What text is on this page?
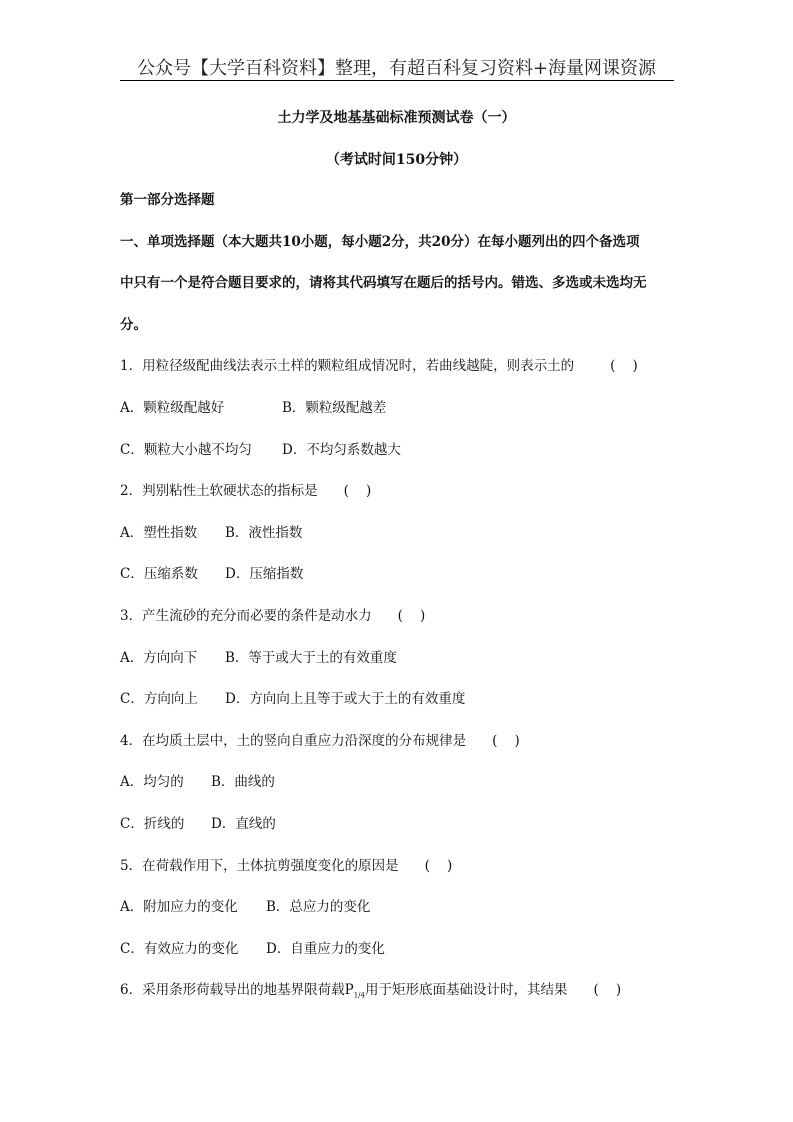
公众号【大学百科资料】整理，有超百科复习资料+海量网课资源
土力学及地基基础标准预测试卷（一）
（考试时间150分钟）
第一部分选择题
一、单项选择题（本大题共10小题，每小题2分，共20分）在每小题列出的四个备选项
中只有一个是符合题目要求的，请将其代码填写在题后的括号内。错选、多选或未选均无
分。
1．用粒径级配曲线法表示土样的颗粒组成情况时，若曲线越陡，则表示土的	(    )
A．颗粒级配越好	B．颗粒级配越差
C．颗粒大小越不均匀 D．不均匀系数越大
2．判别粘性土软硬状态的指标是 (    )
A．塑性指数 B．液性指数
C．压缩系数 D．压缩指数
3．产生流砂的充分而必要的条件是动水力 (    )
A．方向向下 B．等于或大于土的有效重度
C．方向向上 D．方向向上且等于或大于土的有效重度
4．在均质土层中，土的竖向自重应力沿深度的分布规律是 (    )
A．均匀的 B．曲线的
C．折线的 D．直线的
5．在荷载作用下，土体抗剪强度变化的原因是 (    )
A．附加应力的变化 B．总应力的变化
C．有效应力的变化 D．自重应力的变化
6．采用条形荷载导出的地基界限荷载$P_{1/4}$用于矩形底面基础设计时，其结果 (    )
